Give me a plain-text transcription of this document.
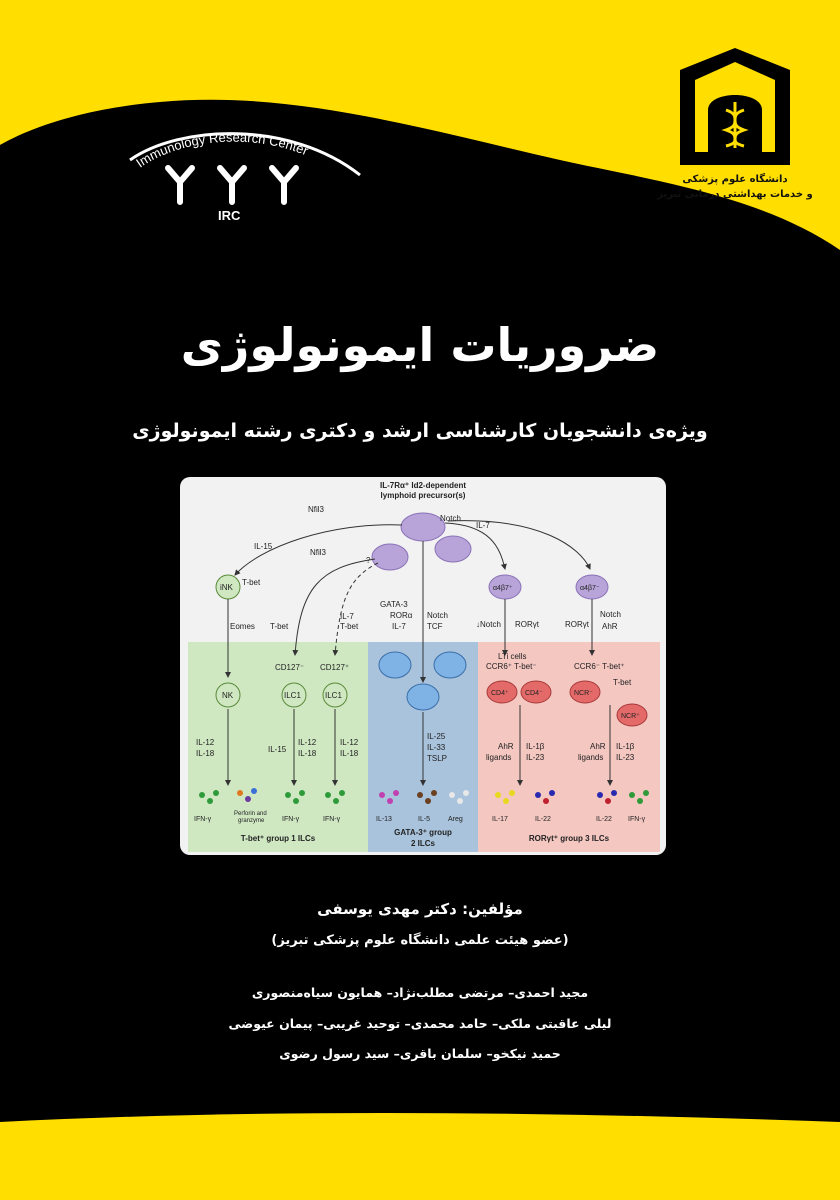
Immunology Research Center
IRC
مرکز تحقیقات ایمونولوژی
دانشگاه علوم پزشکی
و خدمات بهداشتی درمانی تبریز
ضروریات ایمونولوژی
ویژه‌ی دانشجویان کارشناسی ارشد و دکتری رشته ایمونولوژی
IL-7Rα⁺ Id2-dependent
lymphoid precursor(s)
Notch
IL-7
Nfil3
IL-15
Nfil3
?
iNK
T-bet
Eomes T-bet
IL-7
T-bet
GATA-3
RORα Notch
IL-7	TCF
α4β7⁺	α4β7⁻
↓Notch RORγt	RORγt
Notch
AhR
CD127⁻ CD127⁺
NK	ILC1	ILC1
LTi cells
CCR6⁺ T-bet⁻	CCR6⁻ T-bet⁺
CD4⁺ CD4⁻	NCR⁻
T-bet
NCR⁺
IL-12
IL-18	IL-15
IL-12
IL-18
IL-12
IL-18
IL-25
IL-33
TSLP
AhR
ligands
IL-1β
IL-23
AhR
ligands
IL-1β
IL-23
IFN-γ
Perforin and
granzyme	IFN-γ	IFN-γ	IL-13	IL-5	Areg	IL-17	IL-22	IL-22 IFN-γ
T-bet⁺ group 1 ILCs
GATA-3⁺ group
2 ILCs
RORγt⁺ group 3 ILCs
مؤلفین: دکتر مهدی یوسفی
(عضو هیئت علمی دانشگاه علوم پزشکی تبریز)
مجید احمدی– مرتضی مطلب‌نژاد– همایون سیاه‌منصوری
لیلی عاقبتی ملکی– حامد محمدی– توحید غریبی– پیمان عیوضی
حمید نیکخو– سلمان باقری– سید رسول رضوی
